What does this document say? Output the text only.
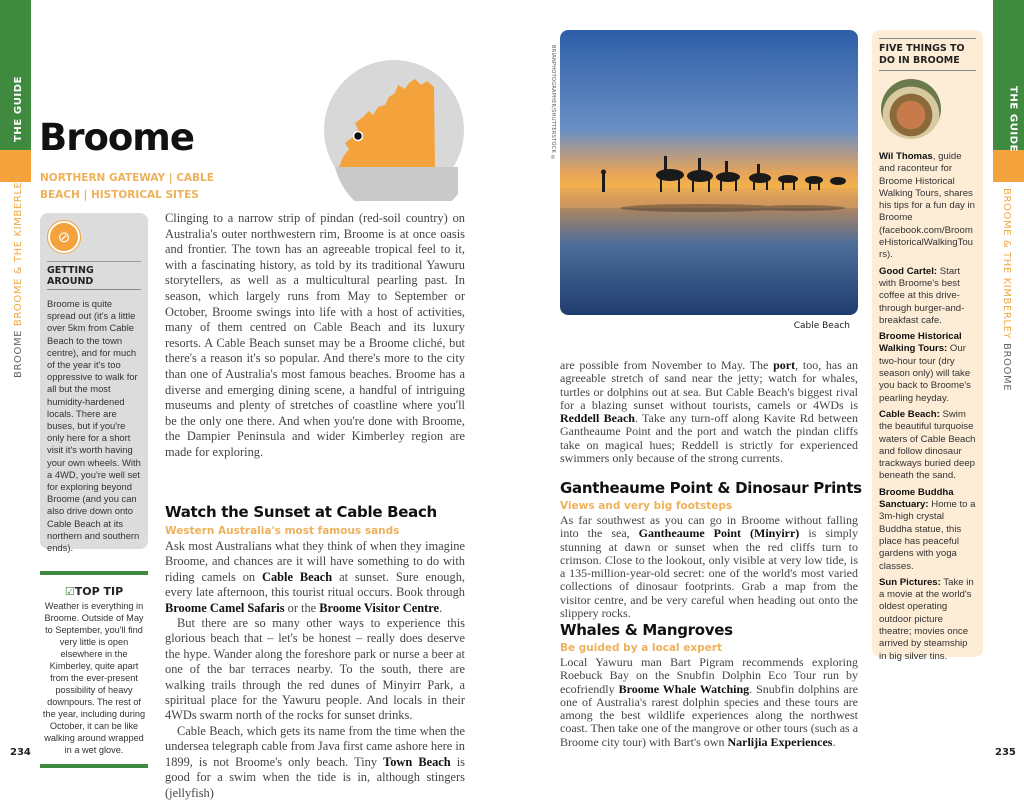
THE GUIDE
BROOME BROOME & THE KIMBERLEY
Broome
NORTHERN GATEWAY | CABLE BEACH | HISTORICAL SITES
⊘
GETTING AROUND
Broome is quite spread out (it's a little over 5km from Cable Beach to the town centre), and for much of the year it's too oppressive to walk for all but the most humidity-hardened locals. There are buses, but if you're only here for a short visit it's worth having your own wheels. With a 4WD, you're well set for exploring beyond Broome (and you can also drive down onto Cable Beach at its northern and southern ends).
☑TOP TIP
Weather is everything in Broome. Outside of May to September, you'll find very little is open elsewhere in the Kimberley, quite apart from the ever-present possibility of heavy downpours. The rest of the year, including during October, it can be like walking around wrapped in a wet glove.
234

Clinging to a narrow strip of pindan (red-soil country) on Australia's outer northwestern rim, Broome is at once oasis and frontier. The town has an agreeable tropical feel to it, with a fascinating history, as told by its traditional Yawuru storytellers, as well as a multicultural pearling past. In season, which largely runs from May to September or October, Broome swings into life with a host of activities, many of them centred on Cable Beach and its luxury resorts. A Cable Beach sunset may be a Broome cliché, but there's a reason it's so popular. And there's more to the city than one of Australia's most famous beaches. Broome has a diverse and emerging dining scene, a handful of intriguing museums and plenty of stretches of coastline where you'll be the only one there. And when you're done with Broome, the Dampier Peninsula and wider Kimberley region are made for exploring.

Watch the Sunset at Cable Beach
Western Australia's most famous sands

Ask most Australians what they think of when they imagine Broome, and chances are it will have something to do with riding camels on Cable Beach at sunset. Sure enough, every late afternoon, this tourist ritual occurs. Book through Broome Camel Safaris or the Broome Visitor Centre.

But there are so many other ways to experience this glorious beach that – let's be honest – really does deserve the hype. Wander along the foreshore park or nurse a beer at one of the bar terraces nearby. To the south, there are walking trails through the red dunes of Minyirr Park, a spiritual place for the Yawuru people. And locals in their 4WDs swarm north of the rocks for sunset drinks.

Cable Beach, which gets its name from the time when the undersea telegraph cable from Java first came ashore here in 1899, is not Broome's only beach. Tiny Town Beach is good for a swim when the tide is in, although stingers (jellyfish)

THE GUIDE
BROOME & THE KIMBERLEY BROOME
BRIANPHOTOGRAPHER/SHUTTERSTOCK ©
Cable Beach

are possible from November to May. The port, too, has an agreeable stretch of sand near the jetty; watch for whales, turtles or dolphins out at sea. But Cable Beach's biggest rival for a blazing sunset without tourists, camels or 4WDs is Reddell Beach. Take any turn-off along Kavite Rd between Gantheaume Point and the port and watch the pindan cliffs take on magical hues; Reddell is strictly for experienced swimmers only because of the strong currents.

Gantheaume Point & Dinosaur Prints
Views and very big footsteps

As far southwest as you can go in Broome without falling into the sea, Gantheaume Point (Minyirr) is simply stunning at dawn or sunset when the red cliffs turn to crimson. Close to the lookout, only visible at very low tide, is a 135-million-year-old secret: one of the world's most varied collections of dinosaur footprints. Grab a map from the visitor centre, and be very careful when heading out onto the slippery rocks.

Whales & Mangroves
Be guided by a local expert

Local Yawuru man Bart Pigram recommends exploring Roebuck Bay on the Snubfin Dolphin Eco Tour run by ecofriendly Broome Whale Watching. Snubfin dolphins are one of Australia's rarest dolphin species and these tours are among the best wildlife experiences along the northwest coast. Then take one of the mangrove or other tours (such as a Broome city tour) with Bart's own Narlijia Experiences.

FIVE THINGS TO DO IN BROOME

Wil Thomas, guide and raconteur for Broome Historical Walking Tours, shares his tips for a fun day in Broome (facebook.com/BroomeHistoricalWalkingTours).

Good Cartel: Start with Broome's best coffee at this drive-through burger-and-breakfast cafe.

Broome Historical Walking Tours: Our two-hour tour (dry season only) will take you back to Broome's pearling heyday.

Cable Beach: Swim the beautiful turquoise waters of Cable Beach and follow dinosaur trackways buried deep beneath the sand.

Broome Buddha Sanctuary: Home to a 3m-high crystal Buddha statue, this place has peaceful gardens with yoga classes.

Sun Pictures: Take in a movie at the world's oldest operating outdoor picture theatre; movies once arrived by steamship in big silver tins.

235
